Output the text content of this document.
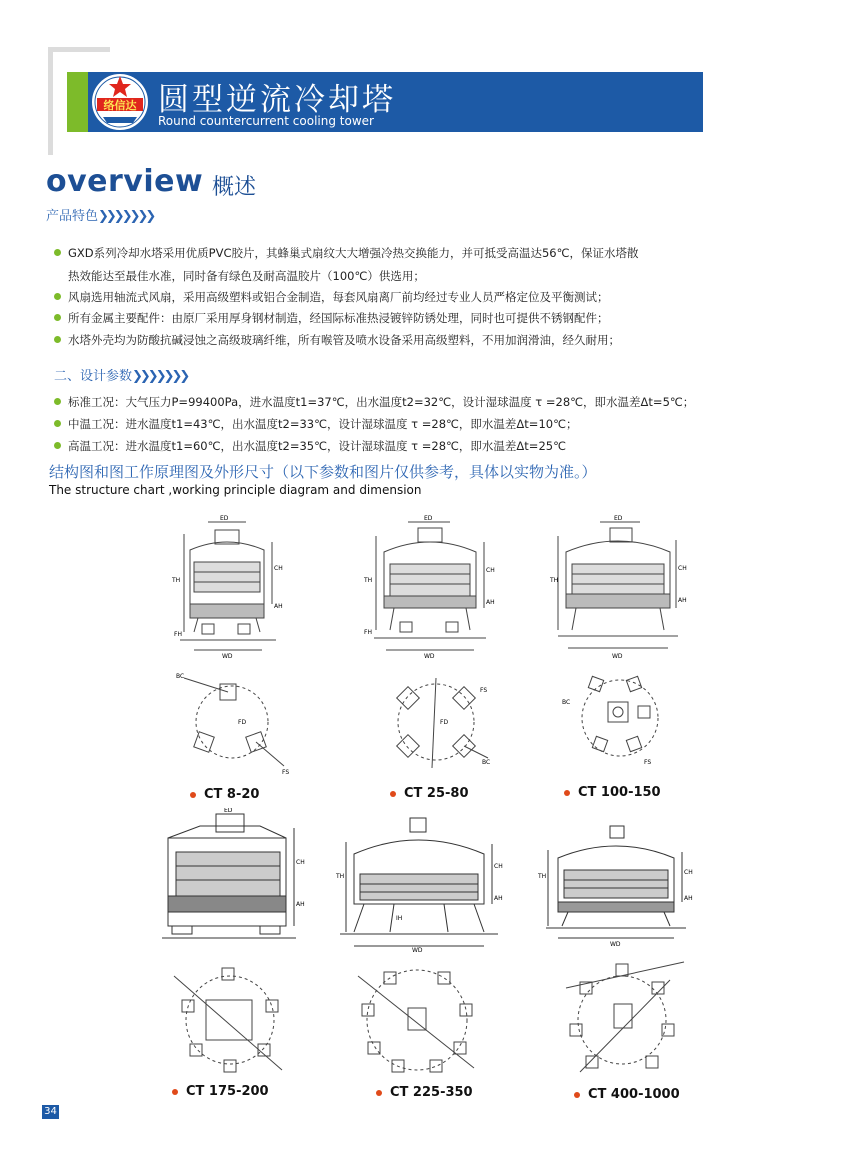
络信达 圆型逆流冷却塔
Round countercurrent cooling tower
overview 概述
产品特色❯❯❯❯❯❯❯
GXD系列冷却水塔采用优质PVC胶片，其蜂巢式扇纹大大增强冷热交换能力，并可抵受高温达56℃，保证水塔散
热效能达至最佳水准，同时备有绿色及耐高温胶片（100℃）供选用；
风扇选用轴流式风扇，采用高级塑料或铝合金制造，每套风扇离厂前均经过专业人员严格定位及平衡测试；
所有金属主要配件：由原厂采用厚身钢材制造，经国际标准热浸镀锌防锈处理，同时也可提供不锈钢配件；
水塔外壳均为防酸抗碱浸蚀之高级玻璃纤维，所有喉管及喷水设备采用高级塑料，不用加润滑油，经久耐用；
二、设计参数❯❯❯❯❯❯❯
标准工况：大气压力P=99400Pa，进水温度t1=37℃，出水温度t2=32℃，设计湿球温度 τ =28℃，即水温差Δt=5℃；
中温工况：进水温度t1=43℃，出水温度t2=33℃，设计湿球温度 τ =28℃，即水温差Δt=10℃；
高温工况：进水温度t1=60℃，出水温度t2=35℃，设计湿球温度 τ =28℃，即水温差Δt=25℃
结构图和图工作原理图及外形尺寸（以下参数和图片仅供参考，具体以实物为准。）
The structure chart ,working principle diagram and dimension
ED
TH
CH
AH
FH
WD
ED
TH
CH
AH
FH
WD
ED
TH
CH
AH
WD
BC
FD
FS
FS
BC
FD
BC
FS
CT 8-20	CT 25-80	CT 100-150
ED
CH
AH
TH
CH
AH
IH
WD
TH
CH
AH
WD
CT 175-200	CT 225-350	CT 400-1000
34
